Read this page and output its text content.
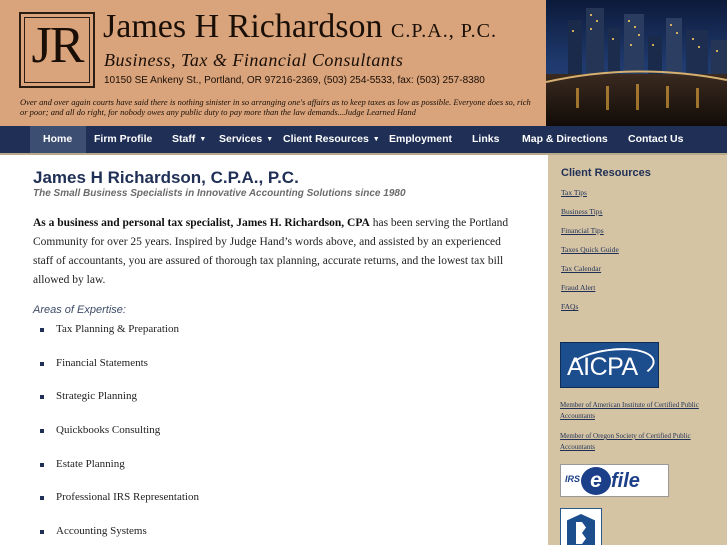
JR James H Richardson C.P.A., P.C.
Business, Tax & Financial Consultants
10150 SE Ankeny St., Portland, OR 97216-2369, (503) 254-5533, fax: (503) 257-8380
Over and over again courts have said there is nothing sinister in so arranging one's affairs as to keep taxes as low as possible. Everyone does so, rich or poor; and all do right, for nobody owes any public duty to pay more than the law demands...Judge Learned Hand
Home	Firm Profile Staff ▼ Services ▼ Client Resources ▼ Employment Links Map & Directions Contact Us
James H Richardson, C.P.A., P.C.
The Small Business Specialists in Innovative Accounting Solutions since 1980

As a business and personal tax specialist, James H. Richardson, CPA has been serving the Portland Community for over 25 years. Inspired by Judge Hand’s words above, and assisted by an experienced staff of accountants, you are assured of thorough tax planning, accurate returns, and the lowest tax bill allowed by law.

Areas of Expertise:
Tax Planning & Preparation
Financial Statements
Strategic Planning
Quickbooks Consulting
Estate Planning
Professional IRS Representation
Accounting Systems
Client Resources
Tax Tips
Business Tips
Financial Tips
Taxes Quick Guide
Tax Calendar
Fraud Alert
FAQs
AICPA
Member of American Institute of Certified Public Accountants
Member of Oregon Society of Certified Public Accountants
IRS e file
